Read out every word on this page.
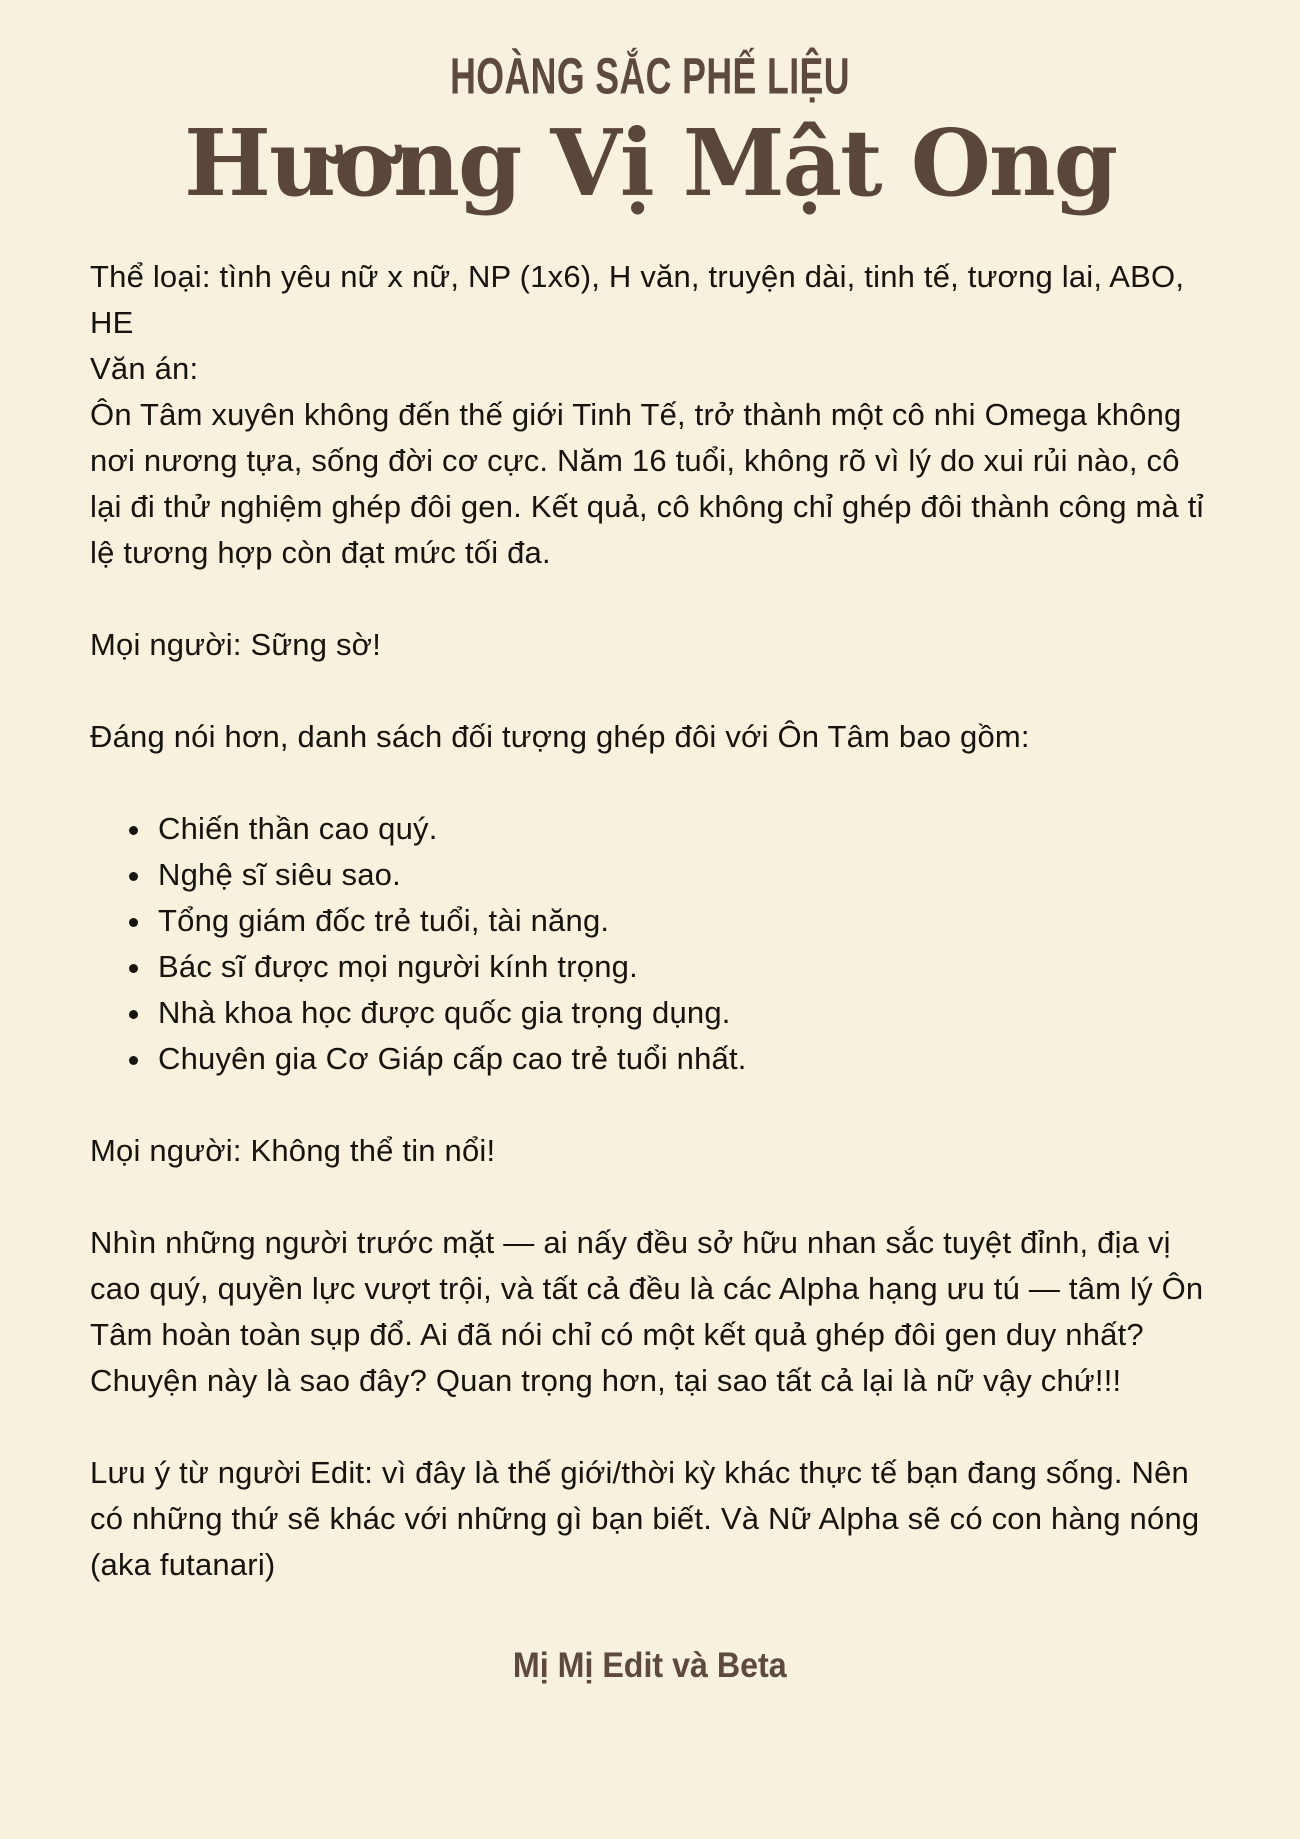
HOÀNG SẮC PHẾ LIỆU
Hương Vị Mật Ong

Thể loại: tình yêu nữ x nữ, NP (1x6), H văn, truyện dài, tinh tế, tương lai, ABO, HE

Văn án:

Ôn Tâm xuyên không đến thế giới Tinh Tế, trở thành một cô nhi Omega không nơi nương tựa, sống đời cơ cực. Năm 16 tuổi, không rõ vì lý do xui rủi nào, cô lại đi thử nghiệm ghép đôi gen. Kết quả, cô không chỉ ghép đôi thành công mà tỉ lệ tương hợp còn đạt mức tối đa.

Mọi người: Sững sờ!

Đáng nói hơn, danh sách đối tượng ghép đôi với Ôn Tâm bao gồm:

• Chiến thần cao quý.
• Nghệ sĩ siêu sao.
• Tổng giám đốc trẻ tuổi, tài năng.
• Bác sĩ được mọi người kính trọng.
• Nhà khoa học được quốc gia trọng dụng.
• Chuyên gia Cơ Giáp cấp cao trẻ tuổi nhất.

Mọi người: Không thể tin nổi!

Nhìn những người trước mặt — ai nấy đều sở hữu nhan sắc tuyệt đỉnh, địa vị cao quý, quyền lực vượt trội, và tất cả đều là các Alpha hạng ưu tú — tâm lý Ôn Tâm hoàn toàn sụp đổ. Ai đã nói chỉ có một kết quả ghép đôi gen duy nhất? Chuyện này là sao đây? Quan trọng hơn, tại sao tất cả lại là nữ vậy chứ!!!

Lưu ý từ người Edit: vì đây là thế giới/thời kỳ khác thực tế bạn đang sống. Nên có những thứ sẽ khác với những gì bạn biết. Và Nữ Alpha sẽ có con hàng nóng (aka futanari)

Mị Mị Edit và Beta
